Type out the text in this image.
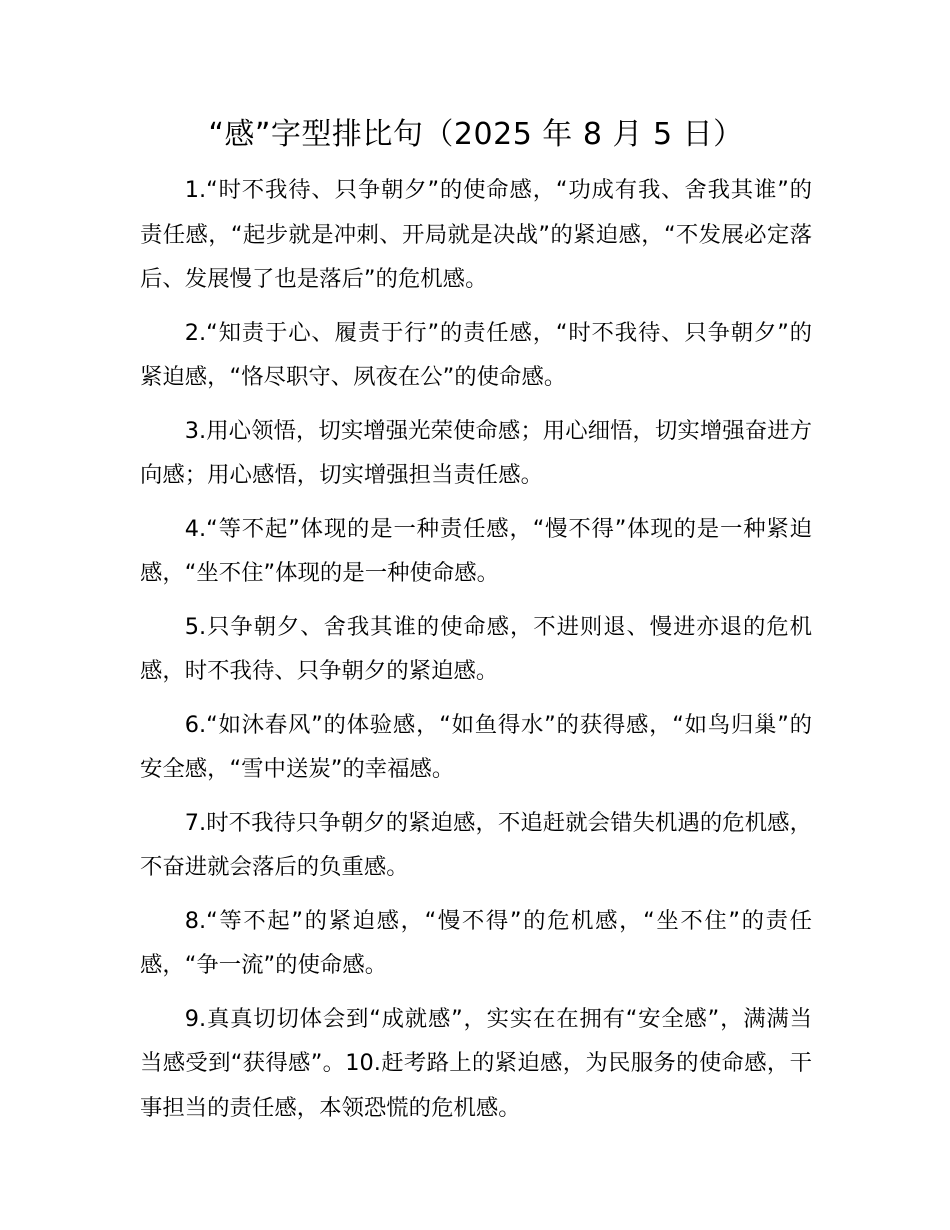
“感”字型排比句（2025 年 8 月 5 日）

1.“时不我待、只争朝夕”的使命感，“功成有我、舍我其谁”的责任感，“起步就是冲刺、开局就是决战”的紧迫感，“不发展必定落后、发展慢了也是落后”的危机感。

2.“知责于心、履责于行”的责任感，“时不我待、只争朝夕”的紧迫感，“恪尽职守、夙夜在公”的使命感。

3.用心领悟，切实增强光荣使命感；用心细悟，切实增强奋进方向感；用心感悟，切实增强担当责任感。

4.“等不起”体现的是一种责任感，“慢不得”体现的是一种紧迫感，“坐不住”体现的是一种使命感。

5.只争朝夕、舍我其谁的使命感，不进则退、慢进亦退的危机感，时不我待、只争朝夕的紧迫感。

6.“如沐春风”的体验感，“如鱼得水”的获得感，“如鸟归巢”的安全感，“雪中送炭”的幸福感。

7.时不我待只争朝夕的紧迫感，不追赶就会错失机遇的危机感，不奋进就会落后的负重感。

8.“等不起”的紧迫感，“慢不得”的危机感，“坐不住”的责任感，“争一流”的使命感。

9.真真切切体会到“成就感”，实实在在拥有“安全感”，满满当当感受到“获得感”。10.赶考路上的紧迫感，为民服务的使命感，干事担当的责任感，本领恐慌的危机感。
